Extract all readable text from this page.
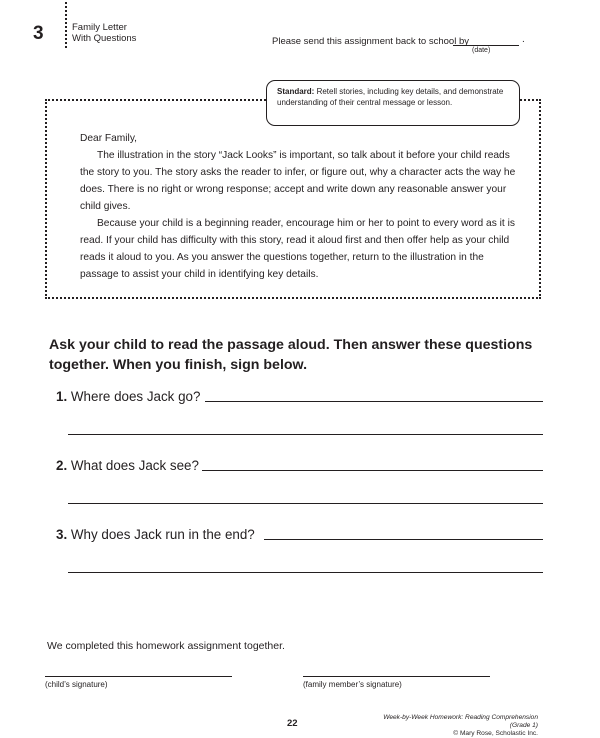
3	Family Letter
With Questions	Please send this assignment back to school by	.
(date)
Standard: Retell stories, including key details, and demonstrate understanding of their central message or lesson.

Dear Family,

The illustration in the story “Jack Looks” is important, so talk about it before your child reads the story to you. The story asks the reader to infer, or figure out, why a character acts the way he does. There is no right or wrong response; accept and write down any reasonable answer your child gives.

Because your child is a beginning reader, encourage him or her to point to every word as it is read. If your child has difficulty with this story, read it aloud first and then offer help as your child reads it aloud to you. As you answer the questions together, return to the illustration in the passage to assist your child in identifying key details.

Ask your child to read the passage aloud. Then answer these questions together. When you finish, sign below.
1. Where does Jack go?
2. What does Jack see?
3. Why does Jack run in the end?
We completed this homework assignment together.
(child’s signature)	(family member’s signature)
22
Week-by-Week Homework: Reading Comprehension (Grade 1)
© Mary Rose, Scholastic Inc.
